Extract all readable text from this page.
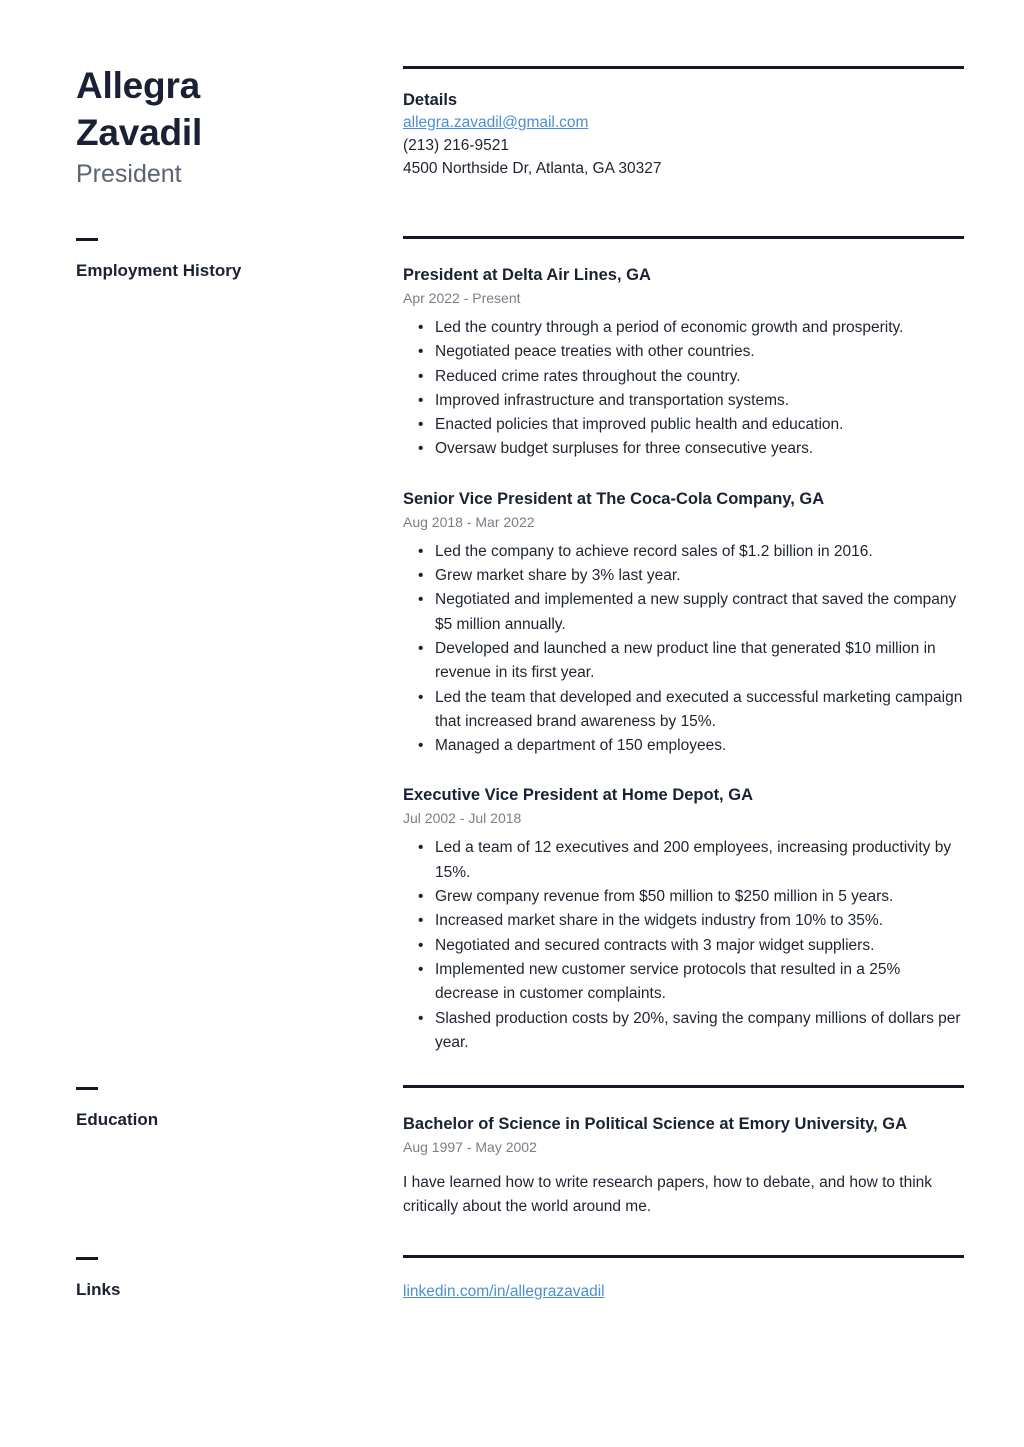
Allegra
Zavadil
President
Details
allegra.zavadil@gmail.com
(213) 216-9521
4500 Northside Dr, Atlanta, GA 30327
Employment History	President at Delta Air Lines, GA
Apr 2022 - Present
• Led the country through a period of economic growth and prosperity.
• Negotiated peace treaties with other countries.
• Reduced crime rates throughout the country.
• Improved infrastructure and transportation systems.
• Enacted policies that improved public health and education.
• Oversaw budget surpluses for three consecutive years.
Senior Vice President at The Coca-Cola Company, GA
Aug 2018 - Mar 2022
• Led the company to achieve record sales of $1.2 billion in 2016.
• Grew market share by 3% last year.
• Negotiated and implemented a new supply contract that saved the company $5 million annually.
• Developed and launched a new product line that generated $10 million in revenue in its first year.
• Led the team that developed and executed a successful marketing campaign that increased brand awareness by 15%.
• Managed a department of 150 employees.
Executive Vice President at Home Depot, GA
Jul 2002 - Jul 2018
• Led a team of 12 executives and 200 employees, increasing productivity by 15%.
• Grew company revenue from $50 million to $250 million in 5 years.
• Increased market share in the widgets industry from 10% to 35%.
• Negotiated and secured contracts with 3 major widget suppliers.
• Implemented new customer service protocols that resulted in a 25% decrease in customer complaints.
• Slashed production costs by 20%, saving the company millions of dollars per year.
Education	Bachelor of Science in Political Science at Emory University, GA
Aug 1997 - May 2002

I have learned how to write research papers, how to debate, and how to think critically about the world around me.

Links	linkedin.com/in/allegrazavadil
